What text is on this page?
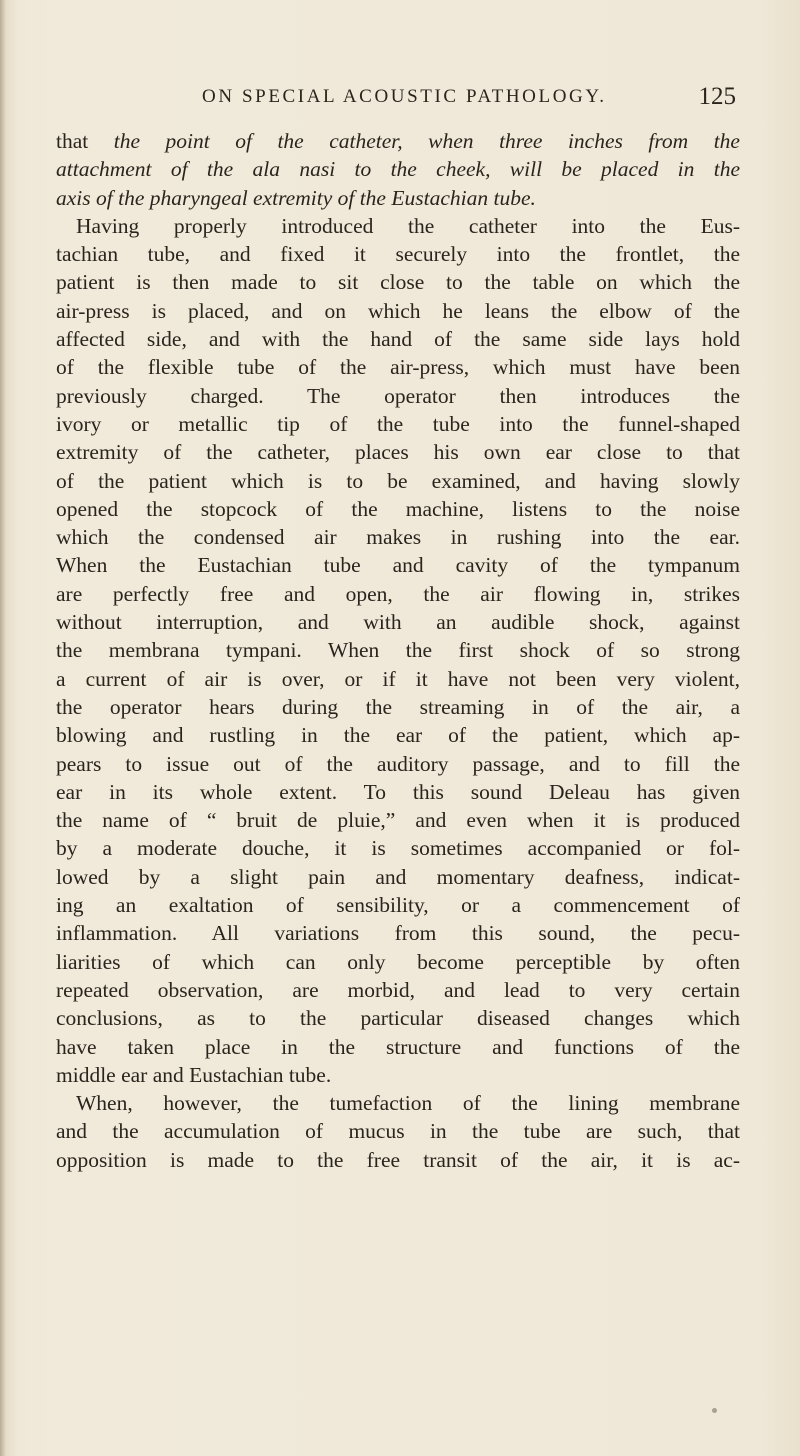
ON SPECIAL ACOUSTIC PATHOLOGY.	125
that the point of the catheter, when three inches from the
attachment of the ala nasi to the cheek, will be placed in the
axis of the pharyngeal extremity of the Eustachian tube.
Having properly introduced the catheter into the Eus-
tachian tube, and fixed it securely into the frontlet, the
patient is then made to sit close to the table on which the
air-press is placed, and on which he leans the elbow of the
affected side, and with the hand of the same side lays hold
of the flexible tube of the air-press, which must have been
previously charged. The operator then introduces the
ivory or metallic tip of the tube into the funnel-shaped
extremity of the catheter, places his own ear close to that
of the patient which is to be examined, and having slowly
opened the stopcock of the machine, listens to the noise
which the condensed air makes in rushing into the ear.
When the Eustachian tube and cavity of the tympanum
are perfectly free and open, the air flowing in, strikes
without interruption, and with an audible shock, against
the membrana tympani. When the first shock of so strong
a current of air is over, or if it have not been very violent,
the operator hears during the streaming in of the air, a
blowing and rustling in the ear of the patient, which ap-
pears to issue out of the auditory passage, and to fill the
ear in its whole extent. To this sound Deleau has given
the name of “ bruit de pluie,” and even when it is produced
by a moderate douche, it is sometimes accompanied or fol-
lowed by a slight pain and momentary deafness, indicat-
ing an exaltation of sensibility, or a commencement of
inflammation. All variations from this sound, the pecu-
liarities of which can only become perceptible by often
repeated observation, are morbid, and lead to very certain
conclusions, as to the particular diseased changes which
have taken place in the structure and functions of the
middle ear and Eustachian tube.
When, however, the tumefaction of the lining membrane
and the accumulation of mucus in the tube are such, that
opposition is made to the free transit of the air, it is ac-
